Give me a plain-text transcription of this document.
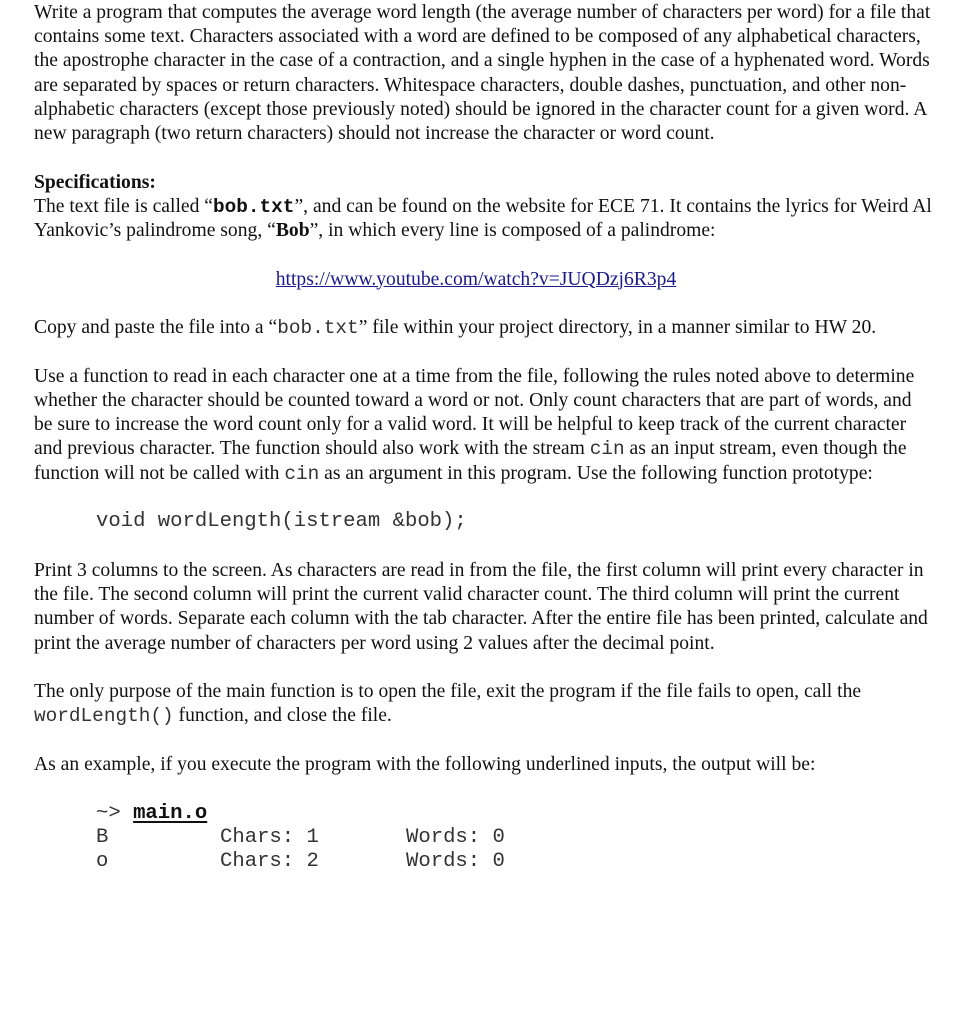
Write a program that computes the average word length (the average number of characters per word) for a file that contains some text. Characters associated with a word are defined to be composed of any alphabetical characters, the apostrophe character in the case of a contraction, and a single hyphen in the case of a hyphenated word. Words are separated by spaces or return characters. Whitespace characters, double dashes, punctuation, and other non-alphabetic characters (except those previously noted) should be ignored in the character count for a given word. A new paragraph (two return characters) should not increase the character or word count.

Specifications:

The text file is called “bob.txt”, and can be found on the website for ECE 71. It contains the lyrics for Weird Al Yankovic’s palindrome song, “Bob”, in which every line is composed of a palindrome:

https://www.youtube.com/watch?v=JUQDzj6R3p4

Copy and paste the file into a “bob.txt” file within your project directory, in a manner similar to HW 20.

Use a function to read in each character one at a time from the file, following the rules noted above to determine whether the character should be counted toward a word or not. Only count characters that are part of words, and be sure to increase the word count only for a valid word. It will be helpful to keep track of the current character and previous character. The function should also work with the stream cin as an input stream, even though the function will not be called with cin as an argument in this program. Use the following function prototype:

void wordLength(istream &bob);

Print 3 columns to the screen. As characters are read in from the file, the first column will print every character in the file. The second column will print the current valid character count. The third column will print the current number of words. Separate each column with the tab character. After the entire file has been printed, calculate and print the average number of characters per word using 2 values after the decimal point.

The only purpose of the main function is to open the file, exit the program if the file fails to open, call the wordLength() function, and close the file.

As an example, if you execute the program with the following underlined inputs, the output will be:

~> main.o
B	Chars: 1	Words: 0
o	Chars: 2	Words: 0
